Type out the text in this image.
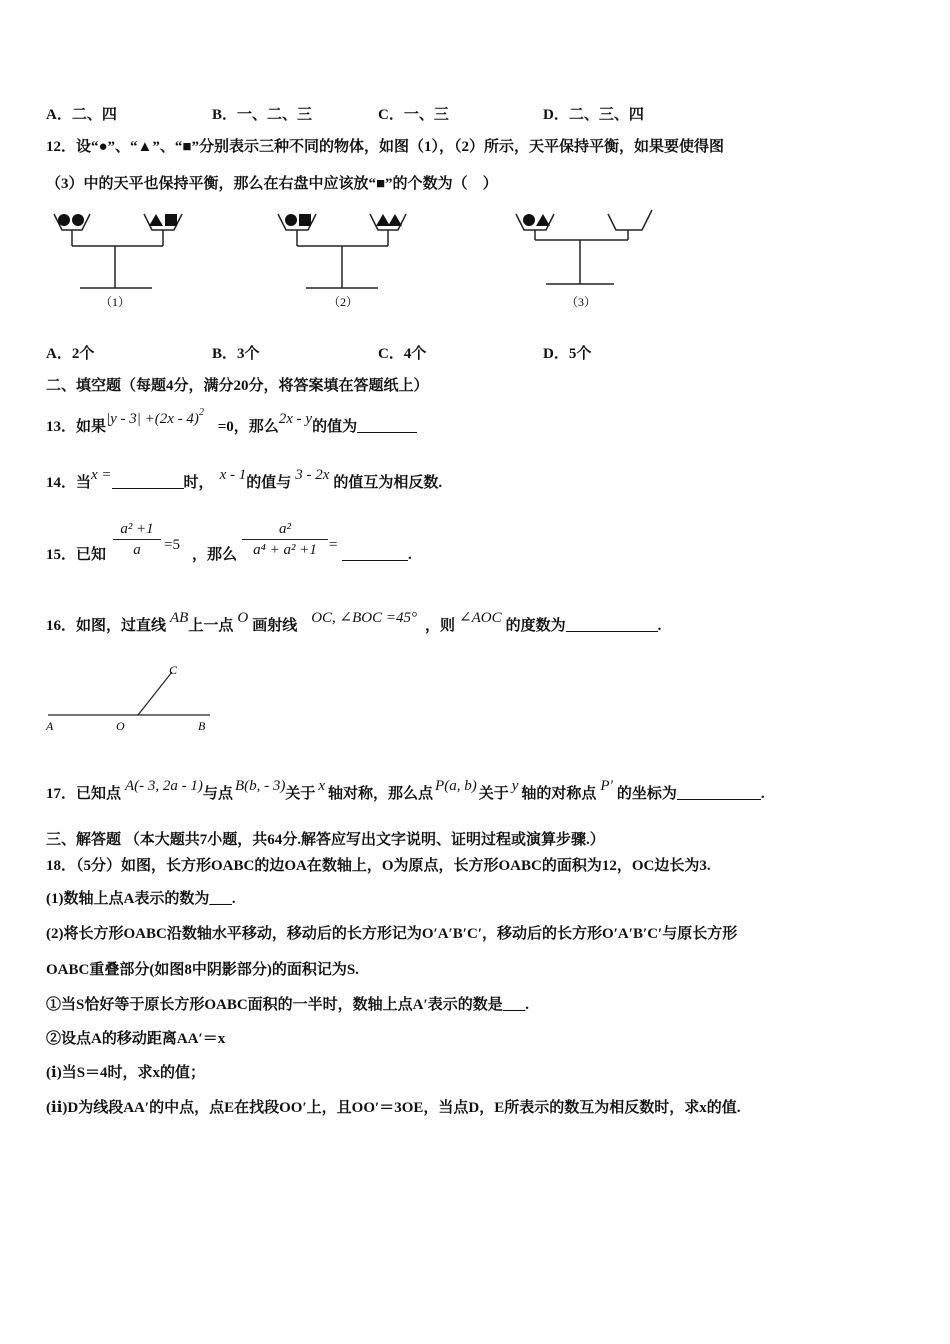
A．二、四	B．一、二、三	C．一、三	D．二、三、四
12．设“●”、“▲”、“■”分别表示三种不同的物体，如图（1），（2）所示，天平保持平衡，如果要使得图
（3）中的天平也保持平衡，那么在右盘中应该放“■”的个数为（　）
（1）	（2）	（3）
A．2个	B．3个	C．4个	D．5个
二、填空题（每题4分，满分20分，将答案填在答题纸上）
13．如果|y - 3| +(2x - 4)$^2$ =0，那么2x - y的值为
14．当x =	时， x - 1的值与 3 - 2x 的值互为相反数.
15．已知 $\frac{\text{a² +1}}{a} =5$
，那么 $\frac{\text{a²}}{\text{a⁴ + a² +1}}$ =
.
16．如图，过直线 AB上一点 O 画射线 OC, ∠BOC =45° ，则 ∠AOC 的度数为	.
A	O	B
C
17．已知点 A(- 3, 2a - 1)与点 B(b, - 3)关于 x 轴对称，那么点 P(a, b) 关于 y 轴的对称点 P′ 的坐标为	.
三、解答题 （本大题共7小题，共64分.解答应写出文字说明、证明过程或演算步骤.）
18．（5分）如图，长方形OABC的边OA在数轴上，O为原点，长方形OABC的面积为12，OC边长为3.
(1)数轴上点A表示的数为___.
(2)将长方形OABC沿数轴水平移动，移动后的长方形记为O′A′B′C′，移动后的长方形O′A′B′C′与原长方形
OABC重叠部分(如图8中阴影部分)的面积记为S.
①当S恰好等于原长方形OABC面积的一半时，数轴上点A′表示的数是___.
②设点A的移动距离AA′＝x
(ⅰ)当S＝4时，求x的值；
(ⅱ)D为线段AA′的中点，点E在找段OO′上，且OO′＝3OE，当点D，E所表示的数互为相反数时，求x的值.
